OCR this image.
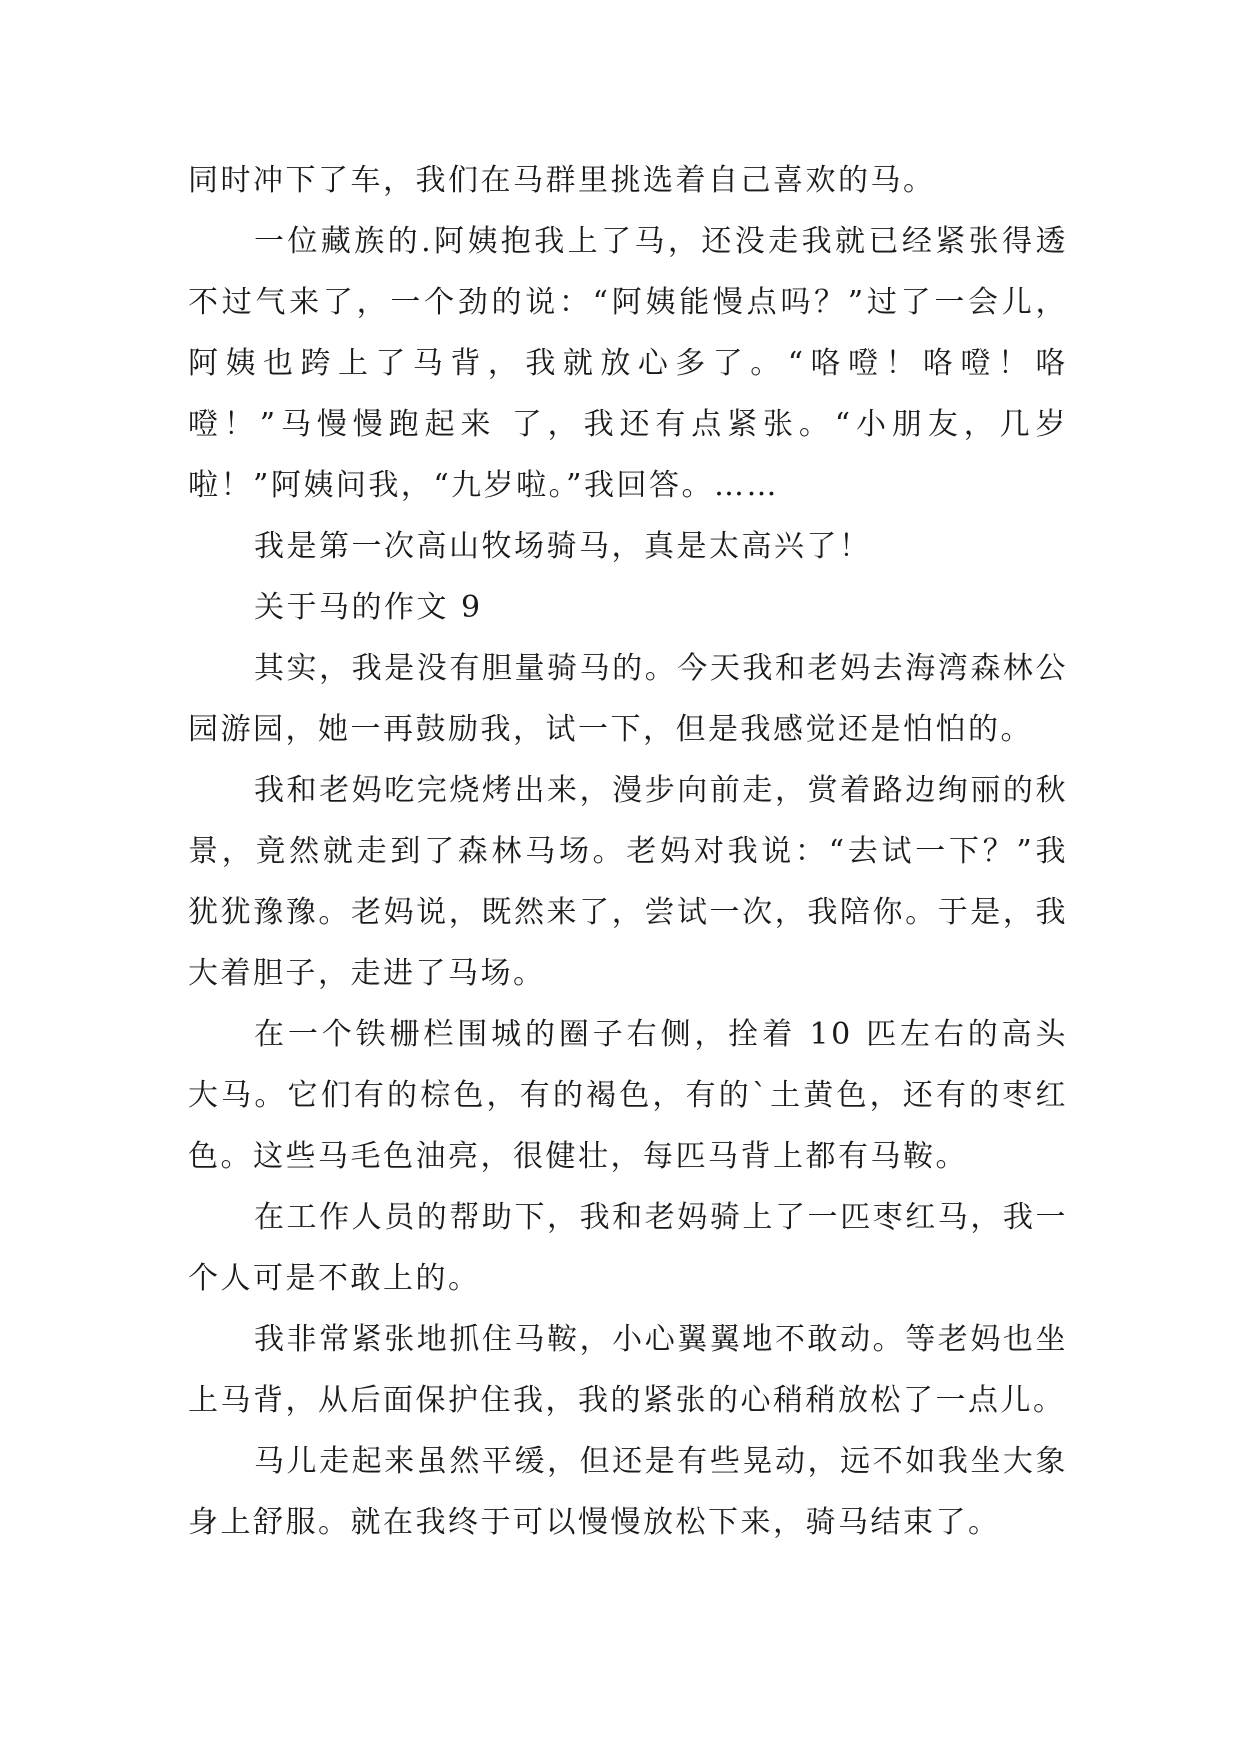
同时冲下了车，我们在马群里挑选着自己喜欢的马。

一位藏族的.阿姨抱我上了马，还没走我就已经紧张得透不过气来了，一个劲的说：“阿姨能慢点吗？”过了一会儿，阿姨也跨上了马背，我就放心多了。“咯噔！咯噔！咯噔！”马慢慢跑起来 了，我还有点紧张。“小朋友，几岁啦！”阿姨问我，“九岁啦。”我回答。……

我是第一次高山牧场骑马，真是太高兴了！

关于马的作文 9

其实，我是没有胆量骑马的。今天我和老妈去海湾森林公园游园，她一再鼓励我，试一下，但是我感觉还是怕怕的。

我和老妈吃完烧烤出来，漫步向前走，赏着路边绚丽的秋景，竟然就走到了森林马场。老妈对我说：“去试一下？”我犹犹豫豫。老妈说，既然来了，尝试一次，我陪你。于是，我大着胆子，走进了马场。

在一个铁栅栏围城的圈子右侧，拴着 10 匹左右的高头大马。它们有的棕色，有的褐色，有的`土黄色，还有的枣红色。这些马毛色油亮，很健壮，每匹马背上都有马鞍。

在工作人员的帮助下，我和老妈骑上了一匹枣红马，我一个人可是不敢上的。

我非常紧张地抓住马鞍，小心翼翼地不敢动。等老妈也坐上马背，从后面保护住我，我的紧张的心稍稍放松了一点儿。

马儿走起来虽然平缓，但还是有些晃动，远不如我坐大象身上舒服。就在我终于可以慢慢放松下来，骑马结束了。
